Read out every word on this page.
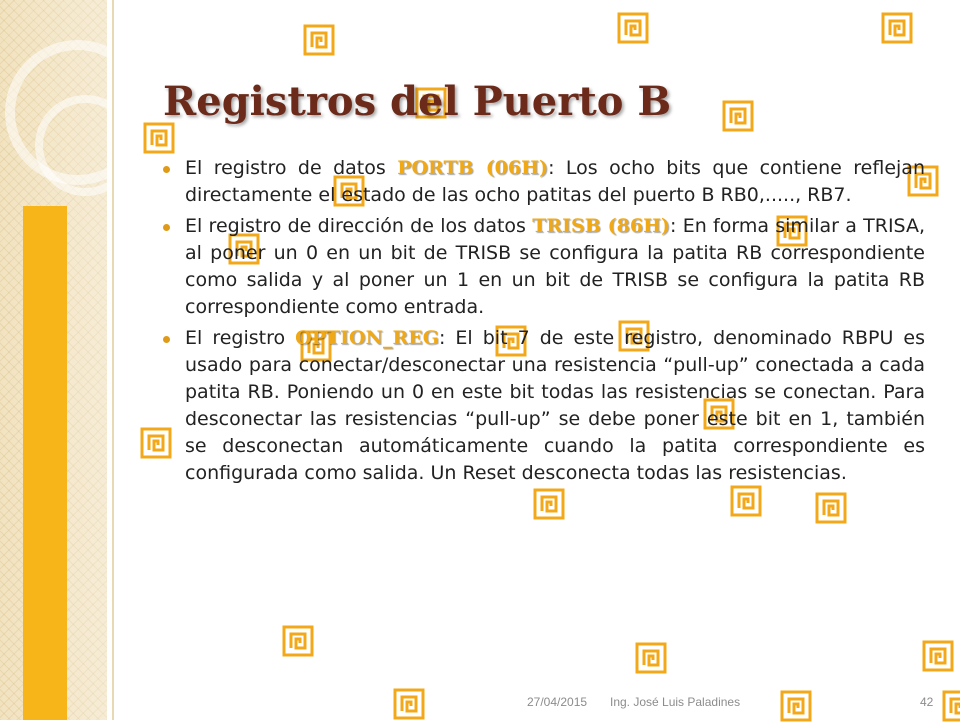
Registros del Puerto B

El registro de datos PORTB (06H): Los ocho bits que contiene reflejan directamente el estado de las ocho patitas del puerto B RB0,....., RB7.

El registro de dirección de los datos TRISB (86H): En forma similar a TRISA, al poner un 0 en un bit de TRISB se configura la patita RB correspondiente como salida y al poner un 1 en un bit de TRISB se configura la patita RB correspondiente como entrada.

El registro OPTION_REG: El bit 7 de este registro, denominado RBPU es usado para conectar/desconectar una resistencia “pull-up” conectada a cada patita RB. Poniendo un 0 en este bit todas las resistencias se conectan. Para desconectar las resistencias “pull-up” se debe poner este bit en 1, también se desconectan automáticamente cuando la patita correspondiente es configurada como salida. Un Reset desconecta todas las resistencias.

27/04/2015 Ing. José Luis Paladines	42
